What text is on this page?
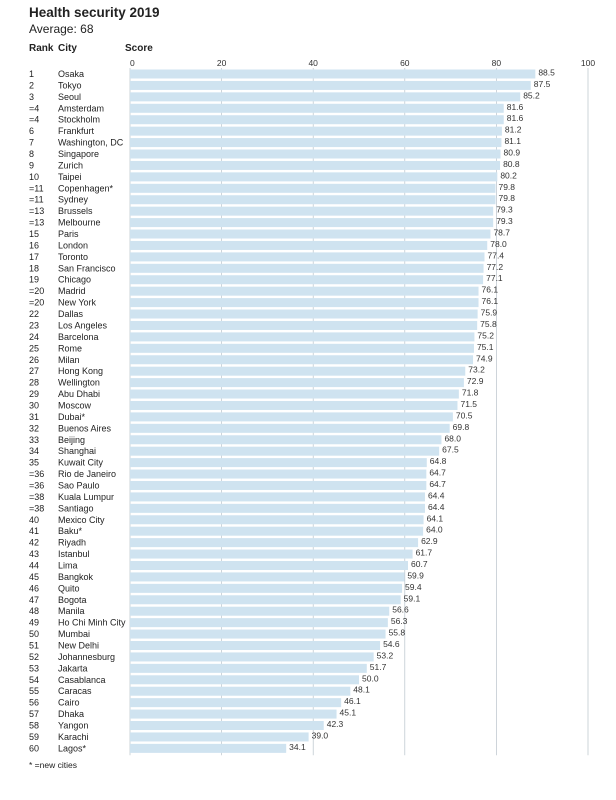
Health security 2019
Average: 68
Rank City	Score
0	20	40	60	80	100
1	Osaka	88.5
2	Tokyo	87.5
3	Seoul	85.2
=4 Amsterdam	81.6
=4 Stockholm	81.6
6	Frankfurt	81.2
7	Washington, DC	81.1
8	Singapore	80.9
9	Zurich	80.8
10 Taipei	80.2
=11 Copenhagen*	79.8
=11 Sydney	79.8
=13 Brussels	79.3
=13 Melbourne	79.3
15 Paris	78.7
16 London	78.0
17 Toronto	77.4
18 San Francisco	77.2
19 Chicago	77.1
=20 Madrid	76.1
=20 New York	76.1
22 Dallas	75.9
23 Los Angeles	75.8
24 Barcelona	75.2
25 Rome	75.1
26 Milan	74.9
27 Hong Kong	73.2
28 Wellington	72.9
29 Abu Dhabi	71.8
30 Moscow	71.5
31 Dubai*	70.5
32 Buenos Aires	69.8
33 Beijing	68.0
34 Shanghai	67.5
35 Kuwait City	64.8
=36 Rio de Janeiro	64.7
=36 Sao Paulo	64.7
=38 Kuala Lumpur	64.4
=38 Santiago	64.4
40 Mexico City	64.1
41 Baku*	64.0
42 Riyadh	62.9
43 Istanbul	61.7
44 Lima	60.7
45 Bangkok	59.9
46 Quito	59.4
47 Bogota	59.1
48 Manila	56.6
49 Ho Chi Minh City	56.3
50 Mumbai	55.8
51 New Delhi	54.6
52 Johannesburg	53.2
53 Jakarta	51.7
54 Casablanca	50.0
55 Caracas	48.1
56 Cairo	46.1
57 Dhaka	45.1
58 Yangon	42.3
59 Karachi	39.0
60 Lagos*	34.1
* =new cities
